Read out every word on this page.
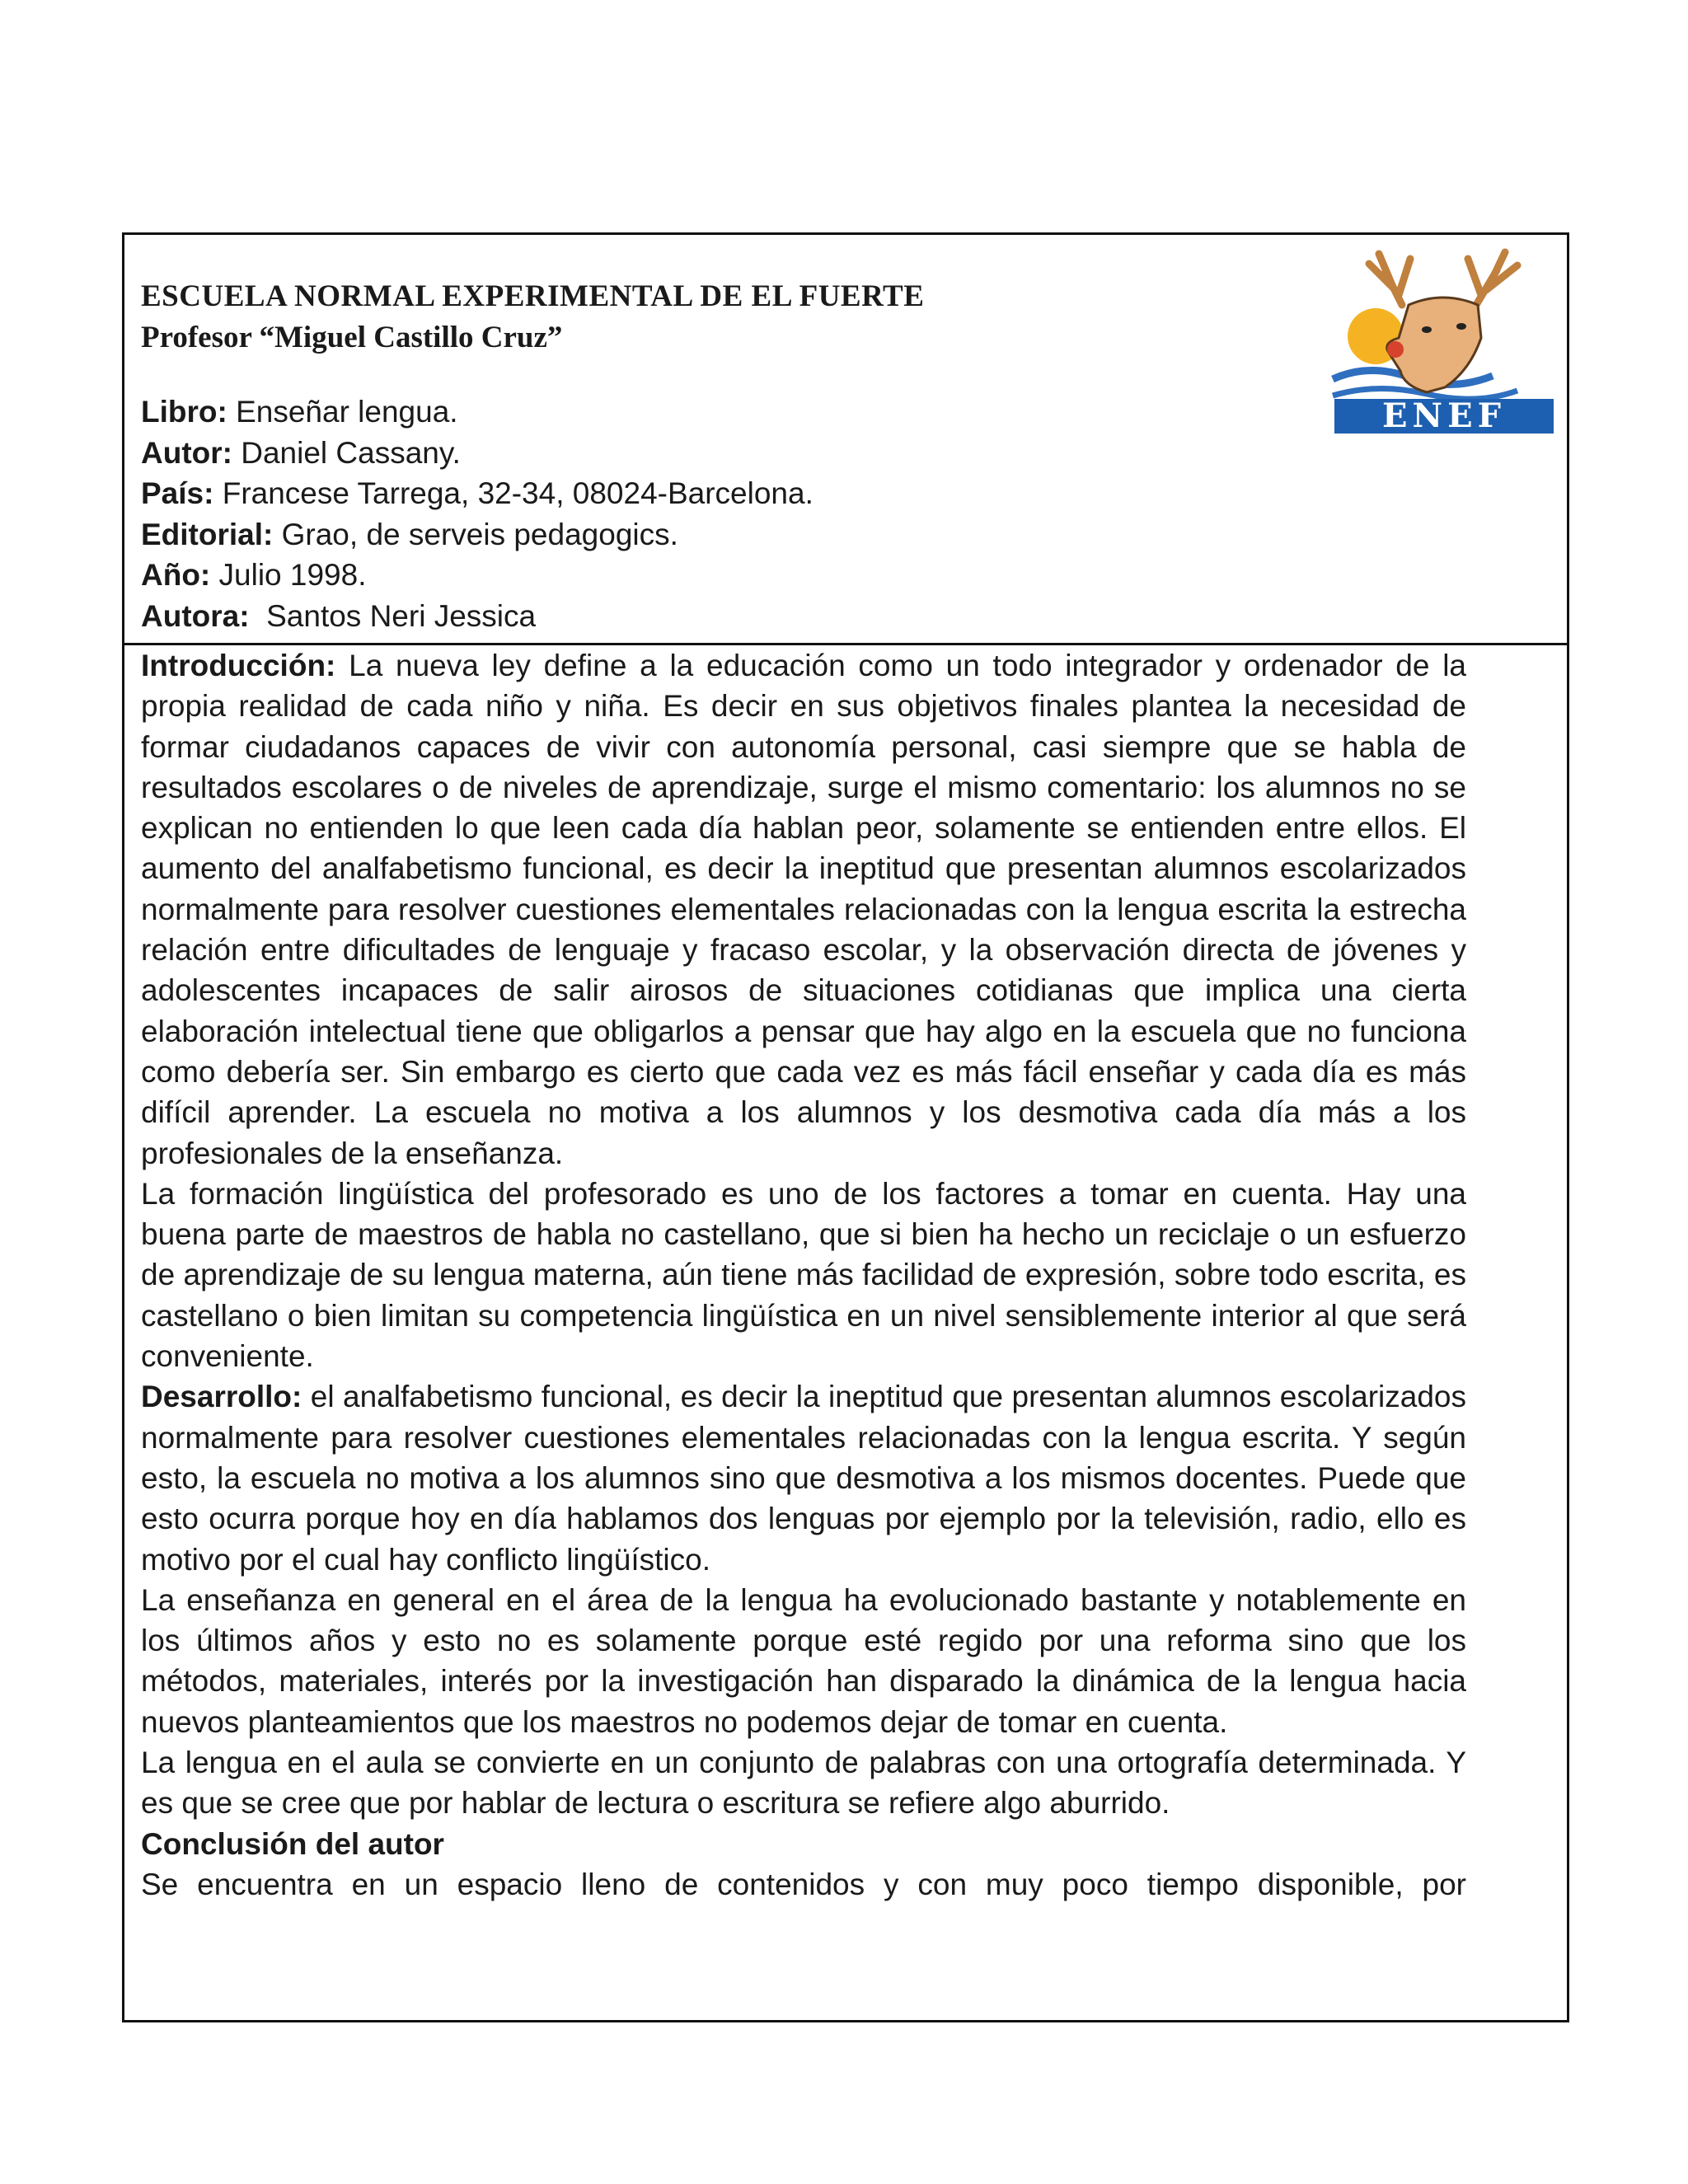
ESCUELA NORMAL EXPERIMENTAL DE EL FUERTE
Profesor “Miguel Castillo Cruz”
Libro: Enseñar lengua.
Autor: Daniel Cassany.
País: Francese Tarrega, 32-34, 08024-Barcelona.
Editorial: Grao, de serveis pedagogics.
Año: Julio 1998.
Autora:  Santos Neri Jessica
ENEF

Introducción: La nueva ley define a la educación como un todo integrador y ordenador de la propia realidad de cada niño y niña. Es decir en sus objetivos finales plantea la necesidad de formar ciudadanos capaces de vivir con autonomía personal, casi siempre que se habla de resultados escolares o de niveles de aprendizaje, surge el mismo comentario: los alumnos no se explican no entienden lo que leen cada día hablan peor, solamente se entienden entre ellos. El aumento del analfabetismo funcional, es decir la ineptitud que presentan alumnos escolarizados normalmente para resolver cuestiones elementales relacionadas con la lengua escrita la estrecha relación entre dificultades de lenguaje y fracaso escolar, y la observación directa de jóvenes y adolescentes incapaces de salir airosos de situaciones cotidianas que implica una cierta elaboración intelectual tiene que obligarlos a pensar que hay algo en la escuela que no funciona como debería ser. Sin embargo es cierto que cada vez es más fácil enseñar y cada día es más difícil aprender. La escuela no motiva a los alumnos y los desmotiva cada día más a los profesionales de la enseñanza.

La formación lingüística del profesorado es uno de los factores a tomar en cuenta. Hay una buena parte de maestros de habla no castellano, que si bien ha hecho un reciclaje o un esfuerzo de aprendizaje de su lengua materna, aún tiene más facilidad de expresión, sobre todo escrita, es castellano o bien limitan su competencia lingüística en un nivel sensiblemente interior al que será conveniente.

Desarrollo: el analfabetismo funcional, es decir la ineptitud que presentan alumnos escolarizados normalmente para resolver cuestiones elementales relacionadas con la lengua escrita. Y según esto, la escuela no motiva a los alumnos sino que desmotiva a los mismos docentes. Puede que esto ocurra porque hoy en día hablamos dos lenguas por ejemplo por la televisión, radio, ello es motivo por el cual hay conflicto lingüístico.

La enseñanza en general en el área de la lengua ha evolucionado bastante y notablemente en los últimos años y esto no es solamente porque esté regido por una reforma sino que los métodos, materiales, interés por la investigación han disparado la dinámica de la lengua hacia nuevos planteamientos que los maestros no podemos dejar de tomar en cuenta.

La lengua en el aula se convierte en un conjunto de palabras con una ortografía determinada. Y es que se cree que por hablar de lectura o escritura se refiere algo aburrido.

Conclusión del autor

Se encuentra en un espacio lleno de contenidos y con muy poco tiempo disponible, por
